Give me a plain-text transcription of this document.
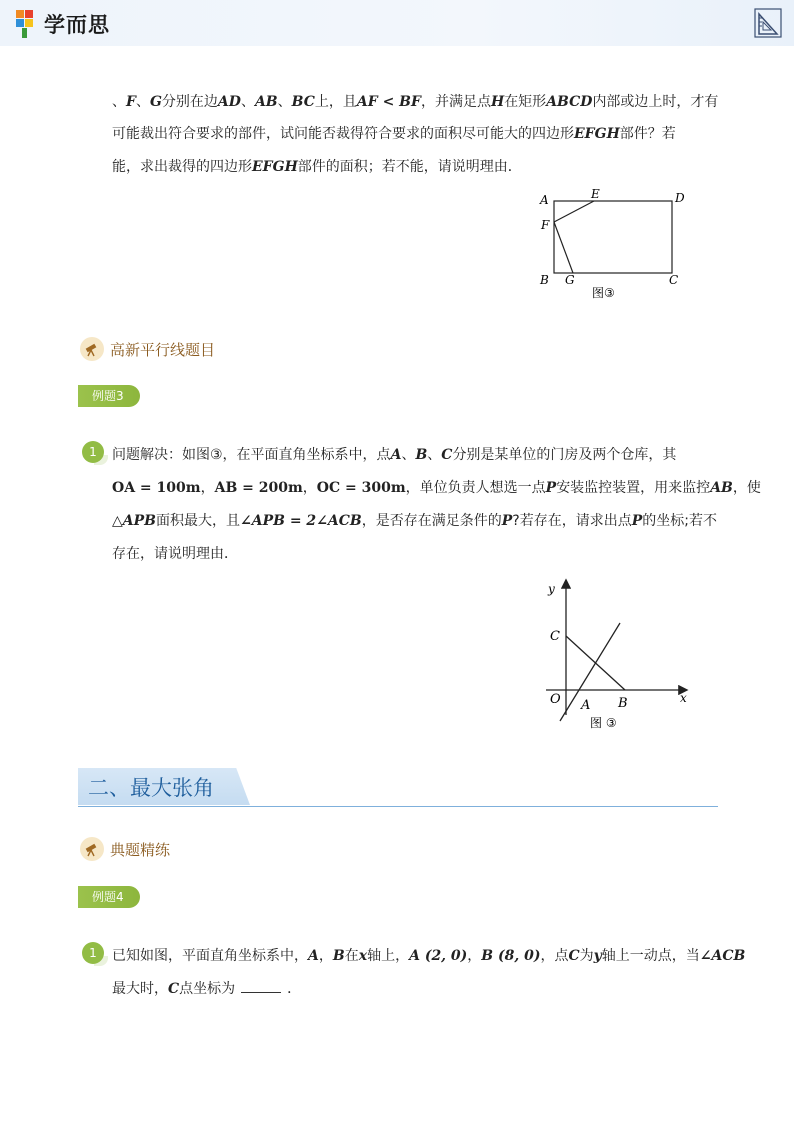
学而思
、F、G分别在边AD、AB、BC上，且AF < BF，并满足点H在矩形ABCD内部或边上时，才有
可能裁出符合要求的部件，试问能否裁得符合要求的面积尽可能大的四边形EFGH部件？若
能，求出裁得的四边形EFGH部件的面积；若不能，请说明理由．
A	E	D
F
B G	C
图③
高新平行线题目
例题3
1	问题解决：如图③，在平面直角坐标系中，点A、B、C分别是某单位的门房及两个仓库，其
OA = 100m，AB = 200m，OC = 300m，单位负责人想选一点P安装监控装置，用来监控AB，使
△APB面积最大，且∠APB = 2∠ACB，是否存在满足条件的P?若存在，请求出点P的坐标;若不
存在，请说明理由．
y
C
O A B	x
图 ③
二、最大张角
典题精练
例题4
1	已知如图，平面直角坐标系中，A，B在x轴上，A (2, 0)，B (8, 0)，点C为y轴上一动点，当∠ACB
最大时，C点坐标为	．
